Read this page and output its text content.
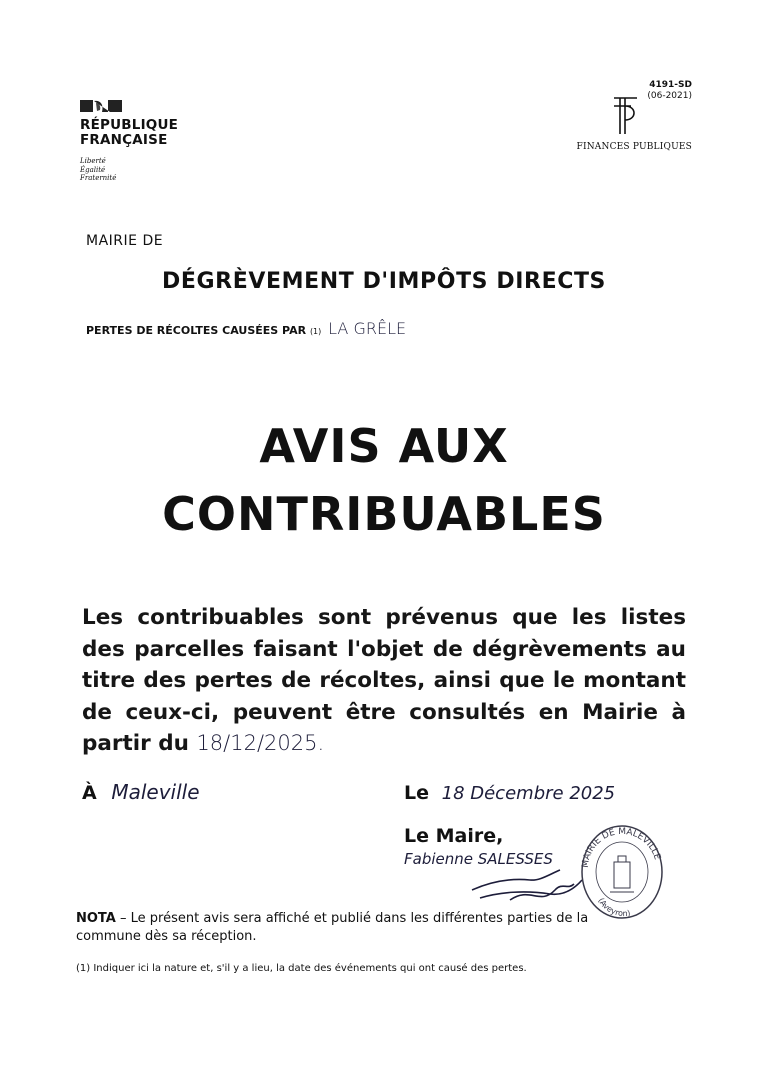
RÉPUBLIQUE
FRANÇAISE
Liberté
Égalité
Fraternité
4191-SD
(06-2021)
FINANCES PUBLIQUES
MAIRIE DE
DÉGRÈVEMENT D'IMPÔTS DIRECTS
PERTES DE RÉCOLTES CAUSÉES PAR (1) LA GRÊLE
AVIS AUX
CONTRIBUABLES
Les contribuables sont prévenus que les listes des parcelles faisant l'objet de dégrèvements au titre des pertes de récoltes, ainsi que le montant de ceux-ci, peuvent être consultés en Mairie à partir du 18/12/2025.
À Maleville	Le 18 Décembre 2025
Le Maire,
Fabienne SALESSES	MAIRIE DE MALEVILLE
(Aveyron)
NOTA – Le présent avis sera affiché et publié dans les différentes parties de la commune dès sa réception.
(1) Indiquer ici la nature et, s'il y a lieu, la date des événements qui ont causé des pertes.
